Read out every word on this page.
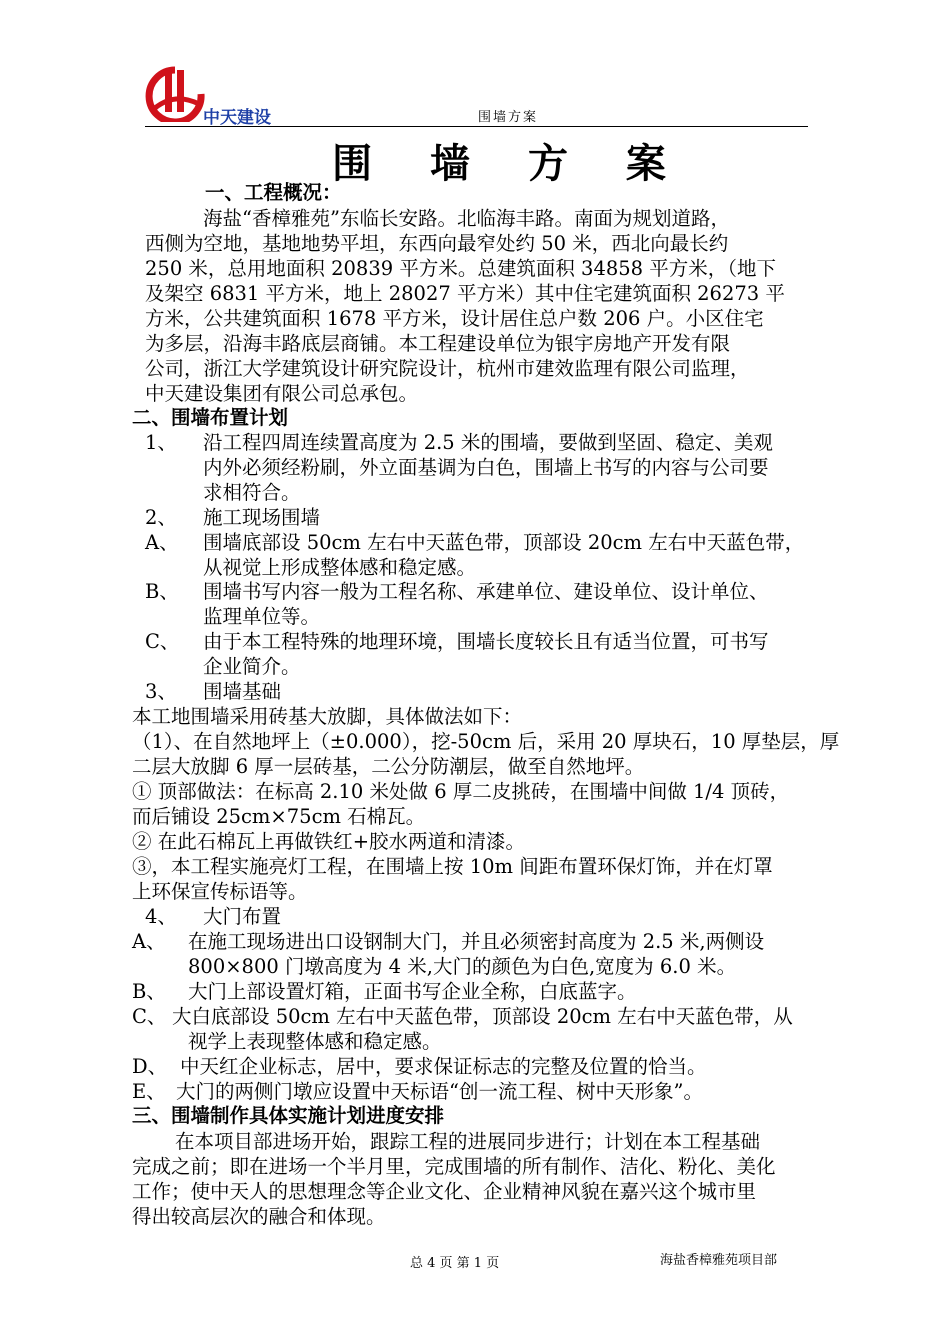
中天建设	围墙方案
围 墙 方 案
一、工程概况：
海盐“香樟雅苑”东临长安路。北临海丰路。南面为规划道路，
西侧为空地，基地地势平坦，东西向最窄处约 50 米，西北向最长约
250 米，总用地面积 20839 平方米。总建筑面积 34858 平方米，（地下
及架空 6831 平方米，地上 28027 平方米）其中住宅建筑面积 26273 平
方米，公共建筑面积 1678 平方米，设计居住总户数 206 户。小区住宅
为多层，沿海丰路底层商铺。本工程建设单位为银宇房地产开发有限
公司，浙江大学建筑设计研究院设计，杭州市建效监理有限公司监理，
中天建设集团有限公司总承包。
二、围墙布置计划
1、 沿工程四周连续置高度为 2.5 米的围墙，要做到坚固、稳定、美观
内外必须经粉刷，外立面基调为白色，围墙上书写的内容与公司要
求相符合。
2、 施工现场围墙
A、 围墙底部设 50cm 左右中天蓝色带，顶部设 20cm 左右中天蓝色带，
从视觉上形成整体感和稳定感。
B、 围墙书写内容一般为工程名称、承建单位、建设单位、设计单位、
监理单位等。
C、 由于本工程特殊的地理环境，围墙长度较长且有适当位置，可书写
企业简介。
3、 围墙基础
本工地围墙采用砖基大放脚，具体做法如下：
（1）、在自然地坪上（±0.000），挖-50cm 后，采用 20 厚块石，10 厚垫层，厚
二层大放脚 6 厚一层砖基，二公分防潮层，做至自然地坪。
① 顶部做法：在标高 2.10 米处做 6 厚二皮挑砖，在围墙中间做 1/4 顶砖，
而后铺设 25cm×75cm 石棉瓦。
② 在此石棉瓦上再做铁红+胶水两道和清漆。
③，本工程实施亮灯工程，在围墙上按 10m 间距布置环保灯饰，并在灯罩
上环保宣传标语等。
4、 大门布置
A、 在施工现场进出口设钢制大门，并且必须密封高度为 2.5 米,两侧设
800×800 门墩高度为 4 米,大门的颜色为白色,宽度为 6.0 米。
B、 大门上部设置灯箱，正面书写企业全称，白底蓝字。
C、 大白底部设 50cm 左右中天蓝色带，顶部设 20cm 左右中天蓝色带，从
视学上表现整体感和稳定感。
D、 中天红企业标志，居中，要求保证标志的完整及位置的恰当。
E、 大门的两侧门墩应设置中天标语“创一流工程、树中天形象”。
三、围墙制作具体实施计划进度安排
在本项目部进场开始，跟踪工程的进展同步进行；计划在本工程基础
完成之前；即在进场一个半月里，完成围墙的所有制作、洁化、粉化、美化
工作；使中天人的思想理念等企业文化、企业精神风貌在嘉兴这个城市里
得出较高层次的融合和体现。
总 4 页 第 1 页	海盐香樟雅苑项目部
